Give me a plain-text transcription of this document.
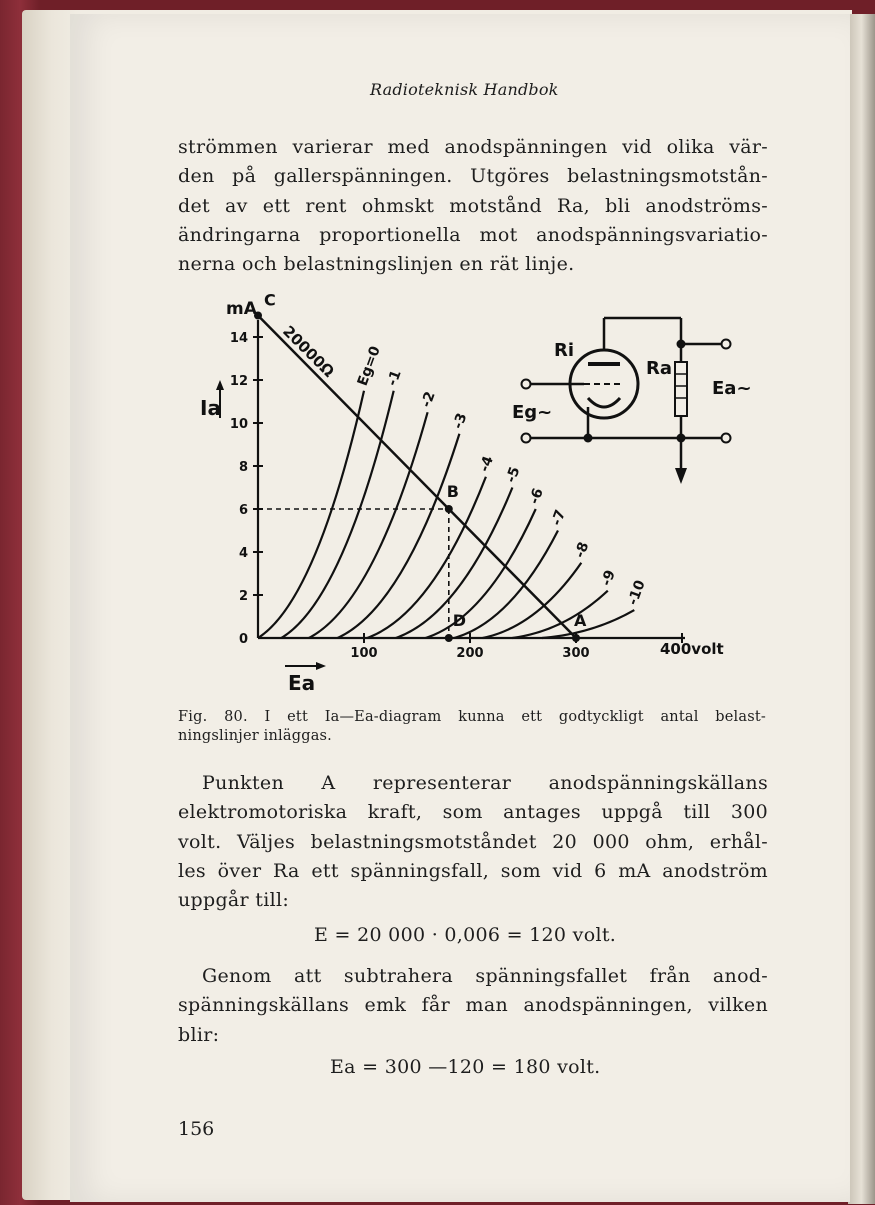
Radioteknisk Handbok
strömmen varierar med anodspänningen vid olika vär-
den på gallerspänningen. Utgöres belastningsmotstån-
det av ett rent ohmskt motstånd Ra, bli anodströms-
ändringarna proportionella mot anodspänningsvariatio-
nerna och belastningslinjen en rät linje.
0
2
4
6
8
10
12
14
100	200	300
C
B
D	A
Eg=0 -1
-2
-3
-4
-5
-6
-7
-8
-9
-10
mA
Ia
Ea
400volt
20000Ω	Ri
Ra
Eg~
Ea~
Fig. 80. I ett Ia—Ea-diagram kunna ett godtyckligt antal belast-
ningslinjer inläggas.
Punkten A representerar anodspänningskällans
elektromotoriska kraft, som antages uppgå till 300
volt. Väljes belastningsmotståndet 20 000 ohm, erhål-
les över Ra ett spänningsfall, som vid 6 mA anodström
uppgår till:
E = 20 000 · 0,006 = 120 volt.
Genom att subtrahera spänningsfallet från anod-
spänningskällans emk får man anodspänningen, vilken
blir:
Ea = 300 —120 = 180 volt.
156
